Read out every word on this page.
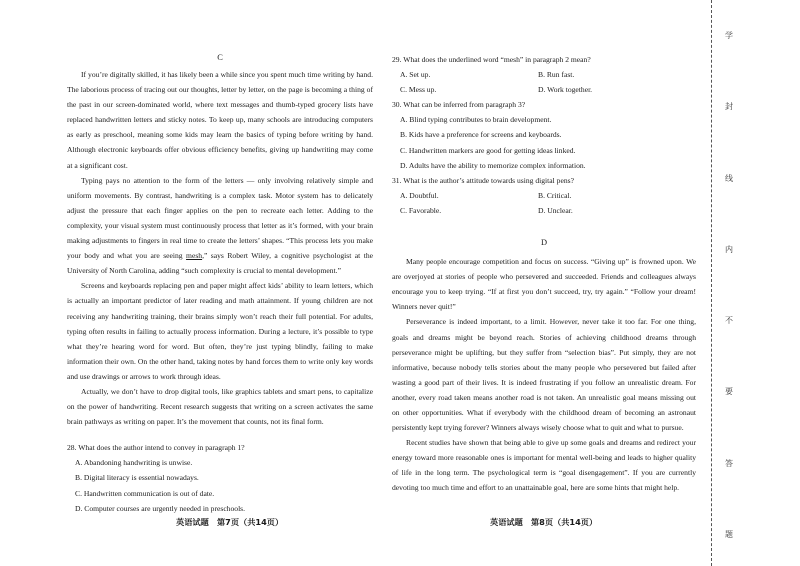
C

If you’re digitally skilled, it has likely been a while since you spent much time writing by hand. The laborious process of tracing out our thoughts, letter by letter, on the page is becoming a thing of the past in our screen-dominated world, where text messages and thumb-typed grocery lists have replaced handwritten letters and sticky notes. To keep up, many schools are introducing computers as early as preschool, meaning some kids may learn the basics of typing before writing by hand. Although electronic keyboards offer obvious efficiency benefits, giving up handwriting may come at a significant cost.

Typing pays no attention to the form of the letters — only involving relatively simple and uniform movements. By contrast, handwriting is a complex task. Motor system has to delicately adjust the pressure that each finger applies on the pen to recreate each letter. Adding to the complexity, your visual system must continuously process that letter as it’s formed, with your brain making adjustments to fingers in real time to create the letters’ shapes. “This process lets you make your body and what you are seeing mesh,” says Robert Wiley, a cognitive psychologist at the University of North Carolina, adding “such complexity is crucial to mental development.”

Screens and keyboards replacing pen and paper might affect kids’ ability to learn letters, which is actually an important predictor of later reading and math attainment. If young children are not receiving any handwriting training, their brains simply won’t reach their full potential. For adults, typing often results in failing to actually process information. During a lecture, it’s possible to type what they’re hearing word for word. But often, they’re just typing blindly, failing to make information their own. On the other hand, taking notes by hand forces them to write only key words and use drawings or arrows to work through ideas.

Actually, we don’t have to drop digital tools, like graphics tablets and smart pens, to capitalize on the power of handwriting. Recent research suggests that writing on a screen activates the same brain pathways as writing on paper. It’s the movement that counts, not its final form.

28. What does the author intend to convey in paragraph 1?

A. Abandoning handwriting is unwise.

B. Digital literacy is essential nowadays.

C. Handwritten communication is out of date.

D. Computer courses are urgently needed in preschools.

29. What does the underlined word “mesh” in paragraph 2 mean?

A. Set up.	B. Run fast.
C. Mess up.	D. Work together.

30. What can be inferred from paragraph 3?

A. Blind typing contributes to brain development.

B. Kids have a preference for screens and keyboards.

C. Handwritten markers are good for getting ideas linked.

D. Adults have the ability to memorize complex information.

31. What is the author’s attitude towards using digital pens?

A. Doubtful.	B. Critical.
C. Favorable.	D. Unclear.
D

Many people encourage competition and focus on success. “Giving up” is frowned upon. We are overjoyed at stories of people who persevered and succeeded. Friends and colleagues always encourage you to keep trying. “If at first you don’t succeed, try, try again.” “Follow your dream! Winners never quit!”

Perseverance is indeed important, to a limit. However, never take it too far. For one thing, goals and dreams might be beyond reach. Stories of achieving childhood dreams through perseverance might be uplifting, but they suffer from “selection bias”. Put simply, they are not informative, because nobody tells stories about the many people who persevered but failed after wasting a good part of their lives. It is indeed frustrating if you follow an unrealistic dream. For another, every road taken means another road is not taken. An unrealistic goal means missing out on other opportunities. What if everybody with the childhood dream of becoming an astronaut persistently kept trying forever? Winners always wisely choose what to quit and what to pursue.

Recent studies have shown that being able to give up some goals and dreams and redirect your energy toward more reasonable ones is important for mental well-being and leads to higher quality of life in the long term. The psychological term is “goal disengagement”. If you are currently devoting too much time and effort to an unattainable goal, here are some hints that might help.

英语试题　第7页（共14页）	英语试题　第8页（共14页）
学
封
线
内
不
要
答
题
